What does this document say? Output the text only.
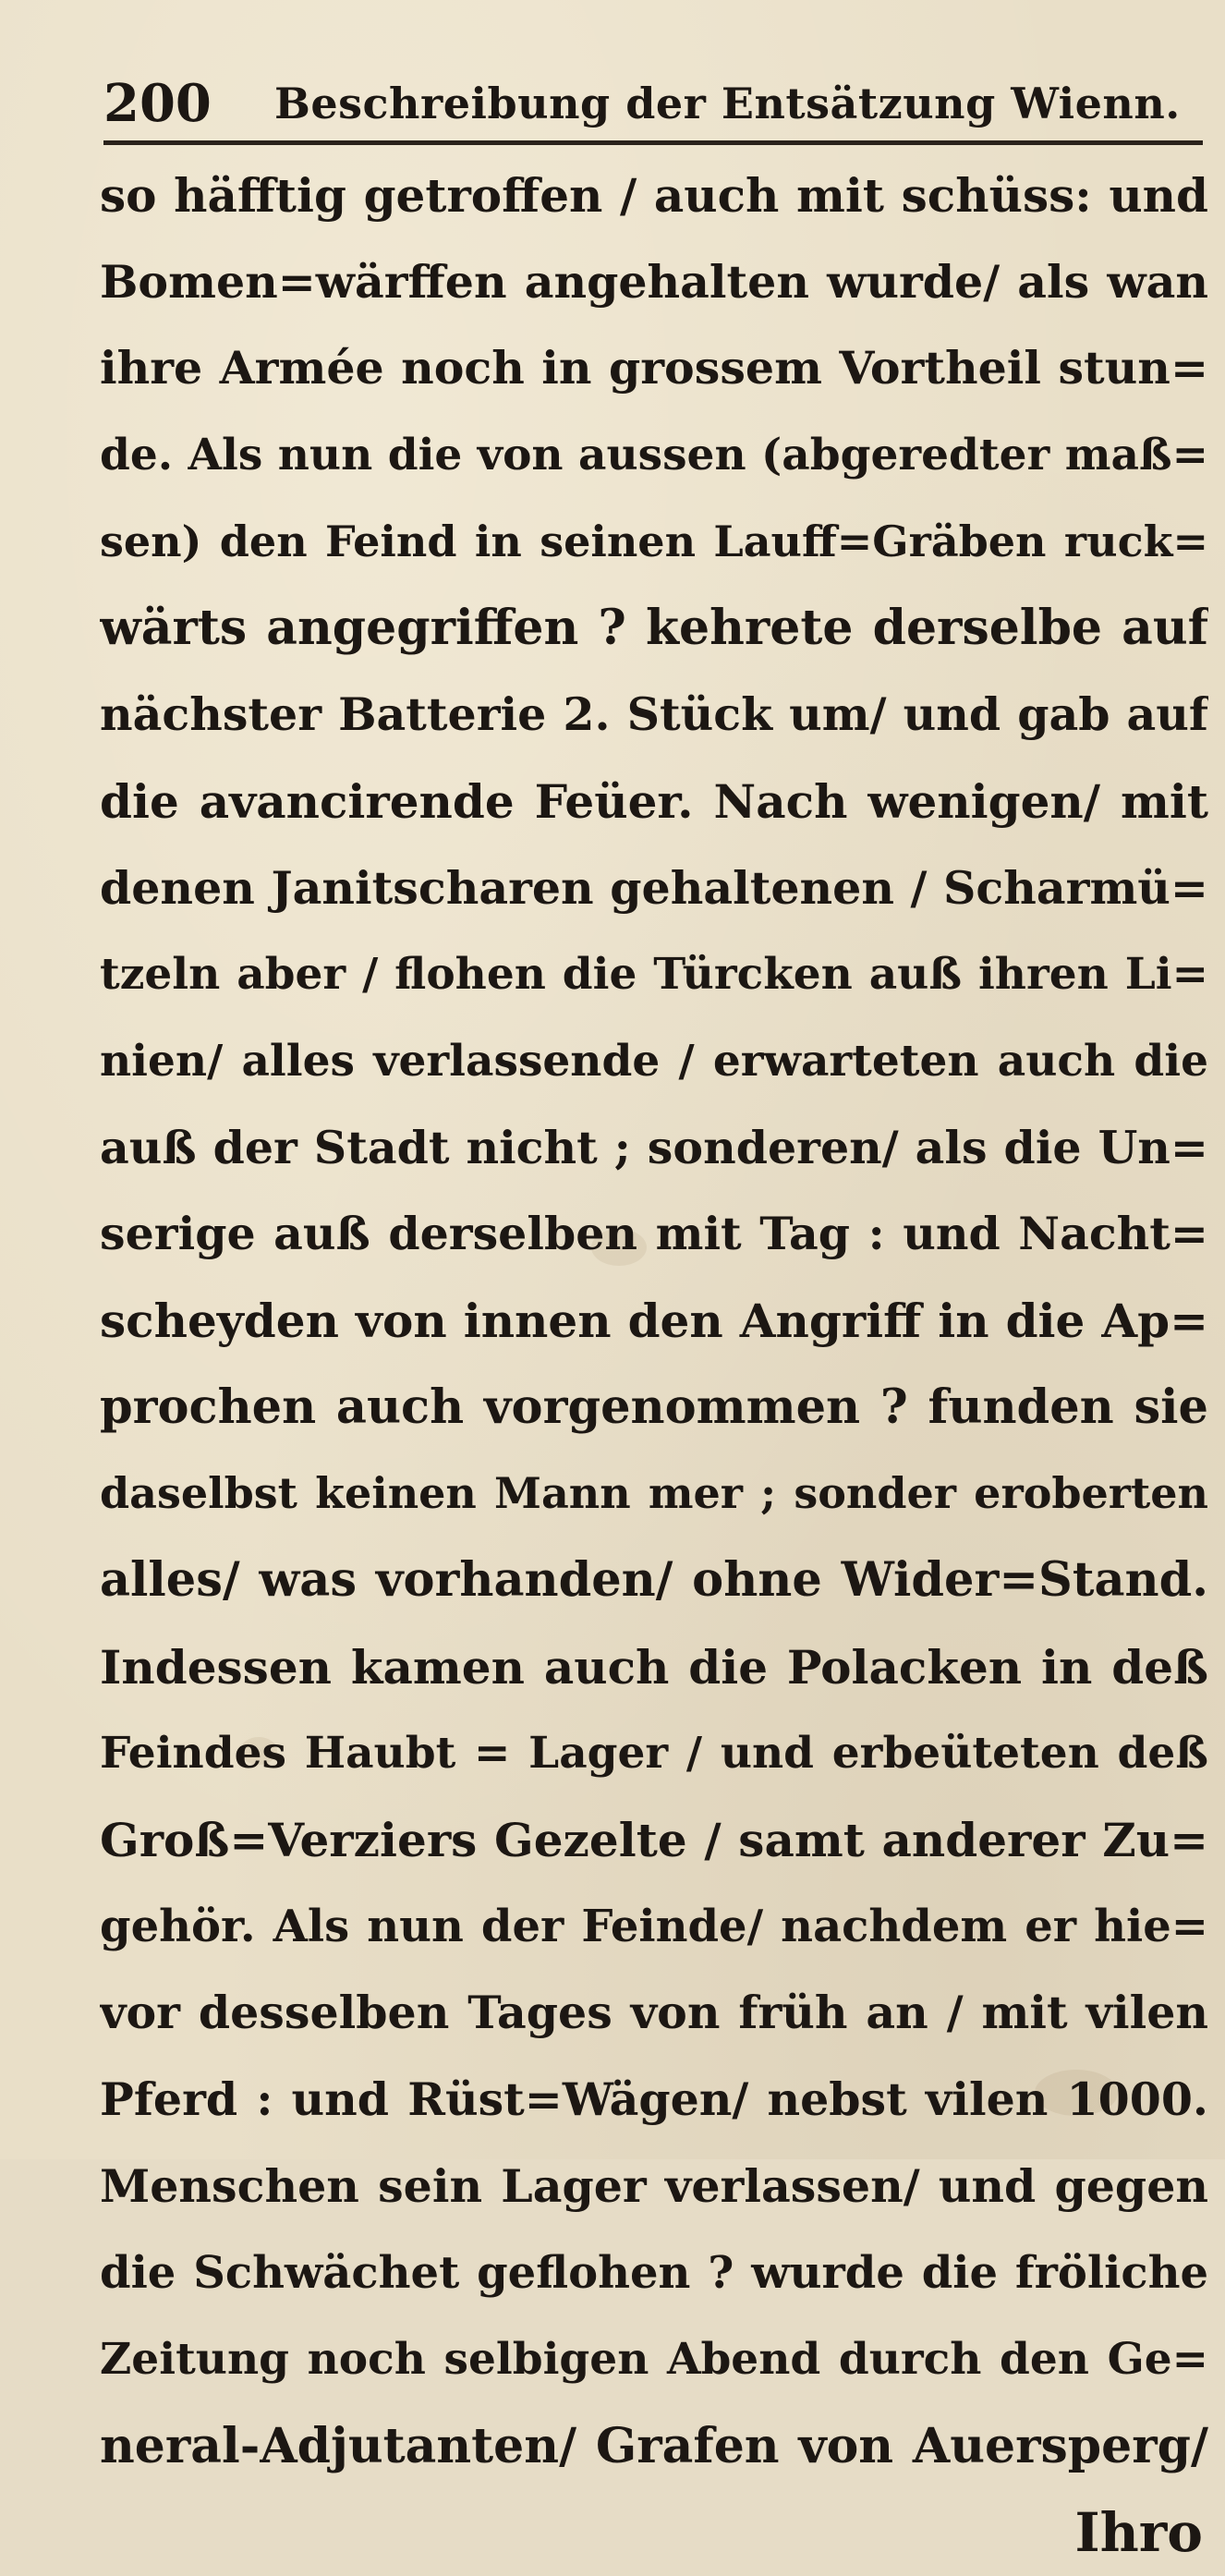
200 Beschreibung der Entsätzung Wienn.
so häfftig getroffen / auch mit schüss: und
Bomen=wärffen angehalten wurde/ als wan
ihre Armée noch in grossem Vortheil stun=
de. Als nun die von aussen (abgeredter maß=
sen) den Feind in seinen Lauff=Gräben ruck=
wärts angegriffen ? kehrete derselbe auf
nächster Batterie 2. Stück um/ und gab auf
die avancirende Feüer. Nach wenigen/ mit
denen Janitscharen gehaltenen / Scharmü=
tzeln aber / flohen die Türcken auß ihren Li=
nien/ alles verlassende / erwarteten auch die
auß der Stadt nicht ; sonderen/ als die Un=
serige auß derselben mit Tag : und Nacht=
scheyden von innen den Angriff in die Ap=
prochen auch vorgenommen ? funden sie
daselbst keinen Mann mer ; sonder eroberten
alles/ was vorhanden/ ohne Wider=Stand.
Indessen kamen auch die Polacken in deß
Feindes Haubt = Lager / und erbeüteten deß
Groß=Verziers Gezelte / samt anderer Zu=
gehör. Als nun der Feinde/ nachdem er hie=
vor desselben Tages von früh an / mit vilen
Pferd : und Rüst=Wägen/ nebst vilen 1000.
Menschen sein Lager verlassen/ und gegen
die Schwächet geflohen ? wurde die fröliche
Zeitung noch selbigen Abend durch den Ge=
neral-Adjutanten/ Grafen von Auersperg/
Ihro
